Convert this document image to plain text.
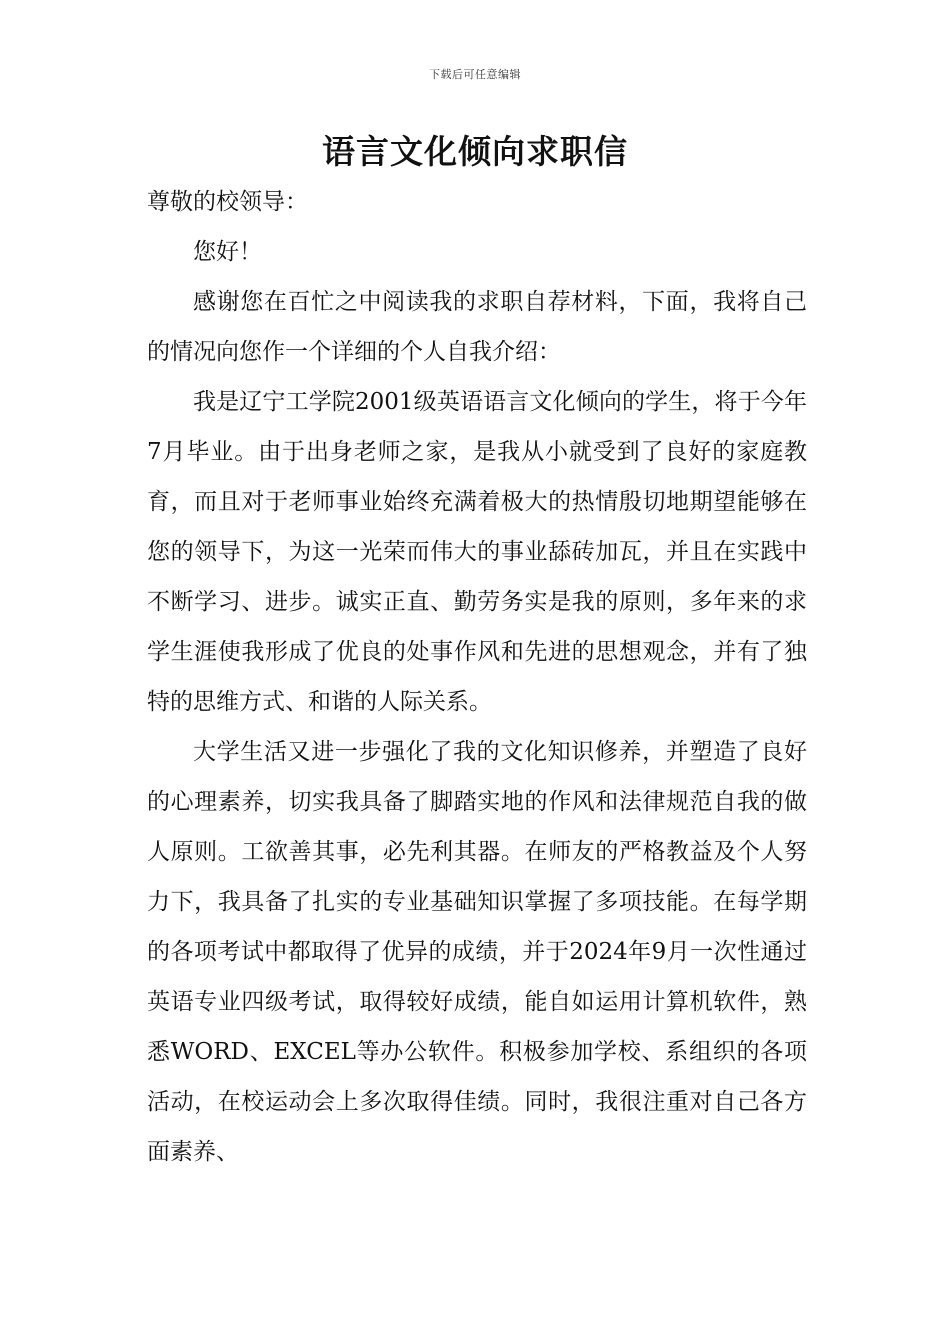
下载后可任意编辑
语言文化倾向求职信

尊敬的校领导：

您好！

感谢您在百忙之中阅读我的求职自荐材料，下面，我将自己的情况向您作一个详细的个人自我介绍：

我是辽宁工学院2001级英语语言文化倾向的学生，将于今年7月毕业。由于出身老师之家，是我从小就受到了良好的家庭教育，而且对于老师事业始终充满着极大的热情殷切地期望能够在您的领导下，为这一光荣而伟大的事业舔砖加瓦，并且在实践中不断学习、进步。诚实正直、勤劳务实是我的原则，多年来的求学生涯使我形成了优良的处事作风和先进的思想观念，并有了独特的思维方式、和谐的人际关系。

大学生活又进一步强化了我的文化知识修养，并塑造了良好的心理素养，切实我具备了脚踏实地的作风和法律规范自我的做人原则。工欲善其事，必先利其器。在师友的严格教益及个人努力下，我具备了扎实的专业基础知识掌握了多项技能。在每学期的各项考试中都取得了优异的成绩，并于2024年9月一次性通过英语专业四级考试，取得较好成绩，能自如运用计算机软件，熟悉WORD、EXCEL等办公软件。积极参加学校、系组织的各项活动，在校运动会上多次取得佳绩。同时，我很注重对自己各方面素养、
